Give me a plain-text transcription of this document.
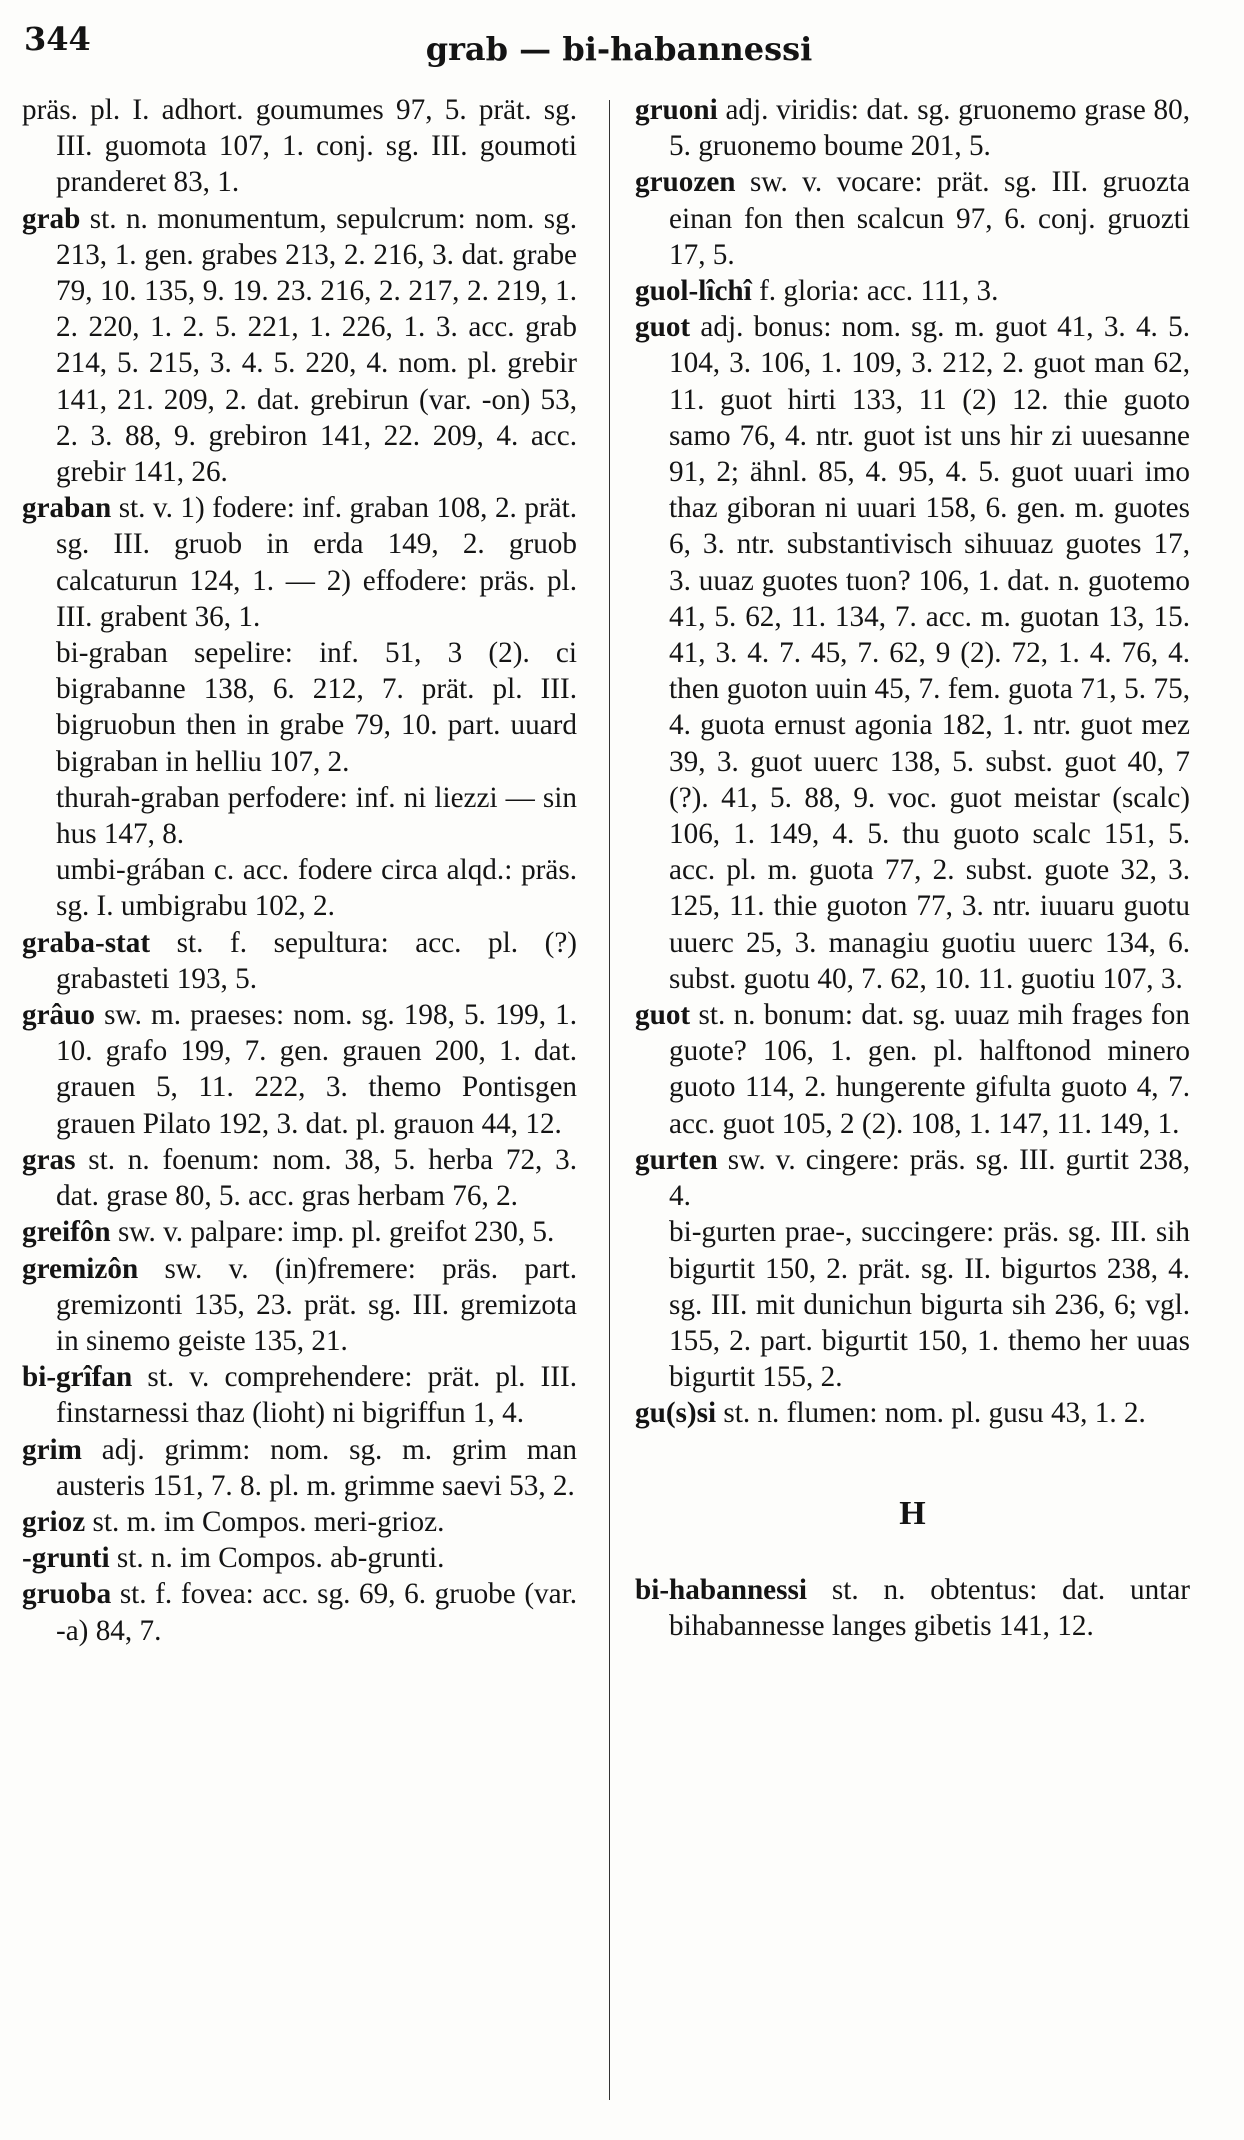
344	grab — bi-habannessi

präs. pl. I. adhort. goumumes 97, 5. prät. sg. III. guomota 107, 1. conj. sg. III. goumoti pranderet 83, 1.

grab st. n. monumentum, sepulcrum: nom. sg. 213, 1. gen. grabes 213, 2. 216, 3. dat. grabe 79, 10. 135, 9. 19. 23. 216, 2. 217, 2. 219, 1. 2. 220, 1. 2. 5. 221, 1. 226, 1. 3. acc. grab 214, 5. 215, 3. 4. 5. 220, 4. nom. pl. grebir 141, 21. 209, 2. dat. grebirun (var. -on) 53, 2. 3. 88, 9. grebiron 141, 22. 209, 4. acc. grebir 141, 26.

graban st. v. 1) fodere: inf. graban 108, 2. prät. sg. III. gruob in erda 149, 2. gruob calcaturun 124, 1. — 2) effodere: präs. pl. III. grabent 36, 1.

bi-graban sepelire: inf. 51, 3 (2). ci bigrabanne 138, 6. 212, 7. prät. pl. III. bigruobun then in grabe 79, 10. part. uuard bigraban in helliu 107, 2.

thurah-graban perfodere: inf. ni liezzi — sin hus 147, 8.

umbi-grában c. acc. fodere circa alqd.: präs. sg. I. umbigrabu 102, 2.

graba-stat st. f. sepultura: acc. pl. (?) grabasteti 193, 5.

grâuo sw. m. praeses: nom. sg. 198, 5. 199, 1. 10. grafo 199, 7. gen. grauen 200, 1. dat. grauen 5, 11. 222, 3. themo Pontisgen grauen Pilato 192, 3. dat. pl. grauon 44, 12.

gras st. n. foenum: nom. 38, 5. herba 72, 3. dat. grase 80, 5. acc. gras herbam 76, 2.

greifôn sw. v. palpare: imp. pl. greifot 230, 5.

gremizôn sw. v. (in)fremere: präs. part. gremizonti 135, 23. prät. sg. III. gremizota in sinemo geiste 135, 21.

bi-grîfan st. v. comprehendere: prät. pl. III. finstarnessi thaz (lioht) ni bigriffun 1, 4.

grim adj. grimm: nom. sg. m. grim man austeris 151, 7. 8. pl. m. grimme saevi 53, 2.

grioz st. m. im Compos. meri-grioz.

-grunti st. n. im Compos. ab-grunti.

gruoba st. f. fovea: acc. sg. 69, 6. gruobe (var. -a) 84, 7.

gruoni adj. viridis: dat. sg. gruonemo grase 80, 5. gruonemo boume 201, 5.

gruozen sw. v. vocare: prät. sg. III. gruozta einan fon then scalcun 97, 6. conj. gruozti 17, 5.

guol-lîchî f. gloria: acc. 111, 3.

guot adj. bonus: nom. sg. m. guot 41, 3. 4. 5. 104, 3. 106, 1. 109, 3. 212, 2. guot man 62, 11. guot hirti 133, 11 (2) 12. thie guoto samo 76, 4. ntr. guot ist uns hir zi uuesanne 91, 2; ähnl. 85, 4. 95, 4. 5. guot uuari imo thaz giboran ni uuari 158, 6. gen. m. guotes 6, 3. ntr. substantivisch sihuuaz guotes 17, 3. uuaz guotes tuon? 106, 1. dat. n. guotemo 41, 5. 62, 11. 134, 7. acc. m. guotan 13, 15. 41, 3. 4. 7. 45, 7. 62, 9 (2). 72, 1. 4. 76, 4. then guoton uuin 45, 7. fem. guota 71, 5. 75, 4. guota ernust agonia 182, 1. ntr. guot mez 39, 3. guot uuerc 138, 5. subst. guot 40, 7 (?). 41, 5. 88, 9. voc. guot meistar (scalc) 106, 1. 149, 4. 5. thu guoto scalc 151, 5. acc. pl. m. guota 77, 2. subst. guote 32, 3. 125, 11. thie guoton 77, 3. ntr. iuuaru guotu uuerc 25, 3. managiu guotiu uuerc 134, 6. subst. guotu 40, 7. 62, 10. 11. guotiu 107, 3.

guot st. n. bonum: dat. sg. uuaz mih frages fon guote? 106, 1. gen. pl. halftonod minero guoto 114, 2. hungerente gifulta guoto 4, 7. acc. guot 105, 2 (2). 108, 1. 147, 11. 149, 1.

gurten sw. v. cingere: präs. sg. III. gurtit 238, 4.

bi-gurten prae-, succingere: präs. sg. III. sih bigurtit 150, 2. prät. sg. II. bigurtos 238, 4. sg. III. mit dunichun bigurta sih 236, 6; vgl. 155, 2. part. bigurtit 150, 1. themo her uuas bigurtit 155, 2.

gu(s)si st. n. flumen: nom. pl. gusu 43, 1. 2.

H

bi-habannessi st. n. obtentus: dat. untar bihabannesse langes gibetis 141, 12.
